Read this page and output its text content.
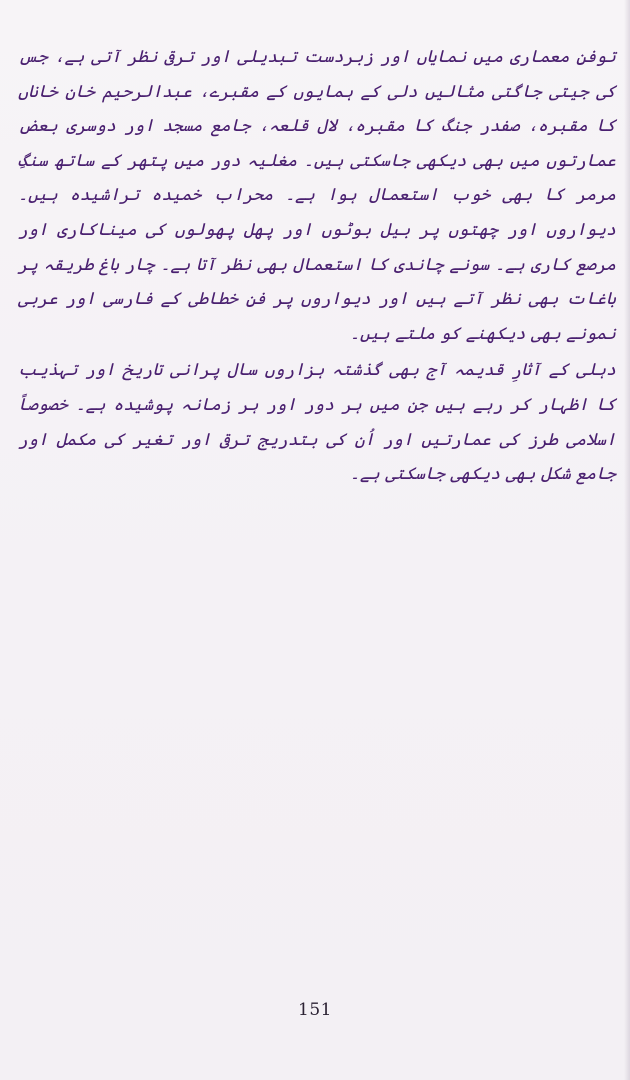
توفنِ معماری میں نمایاں اور زبردست تبدیلی اور ترقی نظر آتی ہے، جس کی جیتی جاگتی مثالیں دلی کے ہمایوں کے مقبرے، عبدالرحیم خان خاناں کا مقبرہ، صفدر جنگ کا مقبرہ، لال قلعہ، جامع مسجد اور دوسری بعض عمارتوں میں بھی دیکھی جاسکتی ہیں۔ مغلیہ دور میں پتھر کے ساتھ سنگِ مرمر کا بھی خوب استعمال ہوا ہے۔ محراب خمیدہ تراشیدہ ہیں۔ دیواروں اور چھتوں پر بیل بوٹوں اور پھل پھولوں کی میناکاری اور مرصع کاری ہے۔ سونے چاندی کا استعمال بھی نظر آتا ہے۔ چار باغ طریقہ پر باغات بھی نظر آتے ہیں اور دیواروں پر فنِ خطاطی کے فارسی اور عربی نمونے بھی دیکھنے کو ملتے ہیں۔

دہلی کے آثارِ قدیمہ آج بھی گذشتہ ہزاروں سال پرانی تاریخ اور تہذیب کا اظہار کر رہے ہیں جن میں ہر دور اور ہر زمانہ پوشیدہ ہے۔ خصوصاً اسلامی طرز کی عمارتیں اور اُن کی بتدریج ترقی اور تغیر کی مکمل اور جامع شکل بھی دیکھی جاسکتی ہے۔

151
